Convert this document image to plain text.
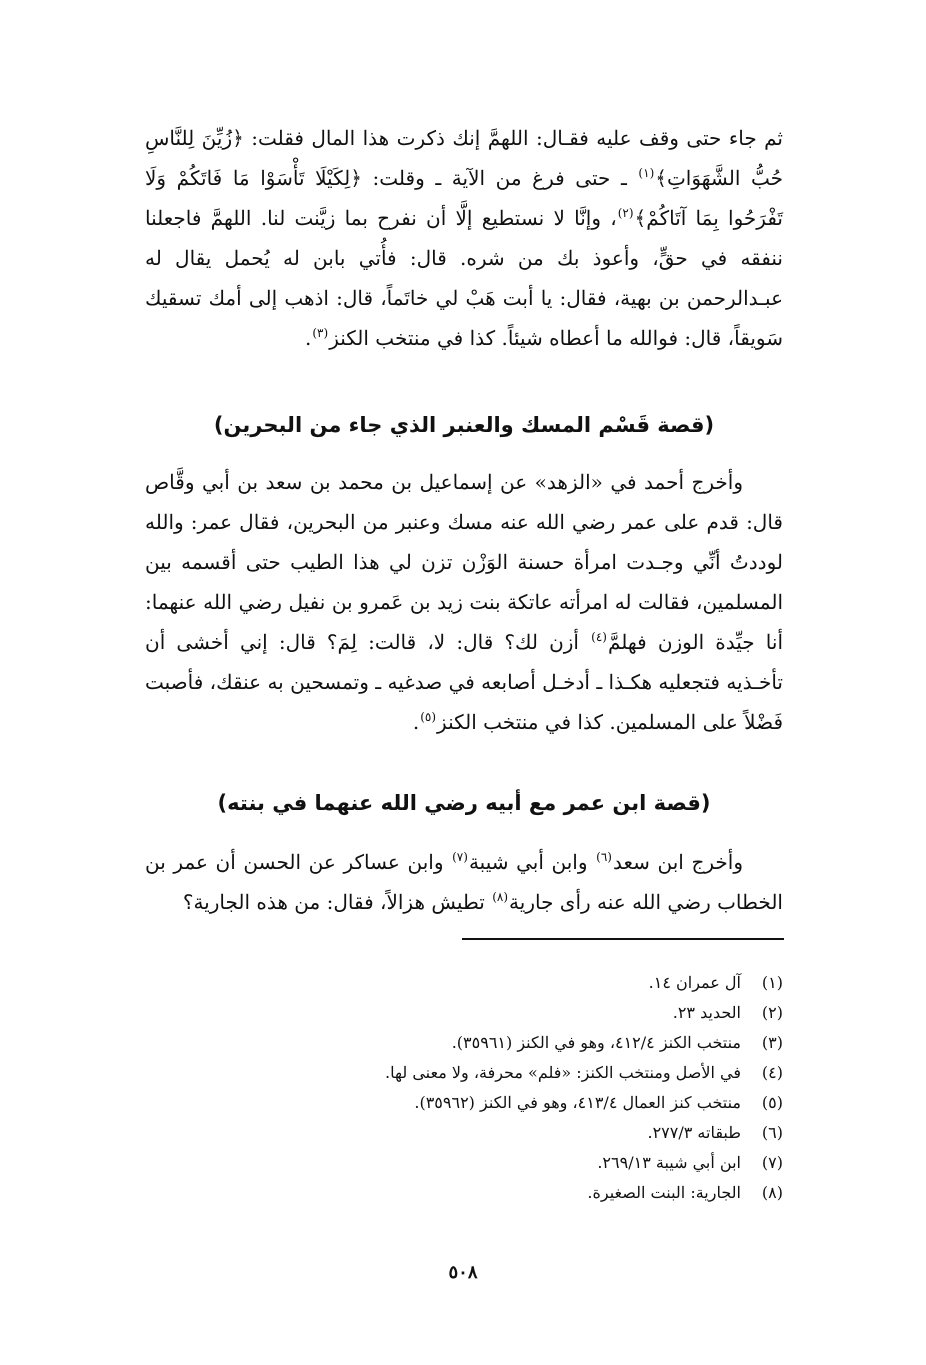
ثم جاء حتى وقف عليه فقـال: اللهمَّ إنك ذكرت هذا المال فقلت: ﴿زُيِّنَ لِلنَّاسِ حُبُّ الشَّهَوَاتِ﴾$^{(١)}$ ـ حتى فرغ من الآية ـ وقلت: ﴿لِكَيْلَا تَأْسَوْا مَا فَاتَكُمْ وَلَا تَفْرَحُوا بِمَا آتَاكُمْ﴾$^{(٢)}$، وإنَّا لا نستطيع إلَّا أن نفرح بما زيَّنت لنا. اللهمَّ فاجعلنا ننفقه في حقٍّ، وأعوذ بك من شره. قال: فأُتي بابن له يُحمل يقال له عبـدالرحمن بن بهية، فقال: يا أبت هَبْ لي خاتَماً، قال: اذهب إلى أمك تسقيك سَويقاً، قال: فوالله ما أعطاه شيئاً. كذا في منتخب الكنز$^{(٣)}$.

(قصة قَسْم المسك والعنبر الذي جاء من البحرين)

وأخرج أحمد في «الزهد» عن إسماعيل بن محمد بن سعد بن أبي وقَّاص قال: قدم على عمر رضي الله عنه مسك وعنبر من البحرين، فقال عمر: والله لوددتُ أنِّي وجـدت امرأة حسنة الوَزْن تزن لي هذا الطيب حتى أقسمه بين المسلمين، فقالت له امرأته عاتكة بنت زيد بن عَمرو بن نفيل رضي الله عنهما: أنا جيِّدة الوزن فهلمَّ$^{(٤)}$ أزن لك؟ قال: لا، قالت: لِمَ؟ قال: إني أخشى أن تأخـذيه فتجعليه هكـذا ـ أدخـل أصابعه في صدغيه ـ وتمسحين به عنقك، فأصبت فَضْلاً على المسلمين. كذا في منتخب الكنز$^{(٥)}$.

(قصة ابن عمر مع أبيه رضي الله عنهما في بنته)

وأخرج ابن سعد$^{(٦)}$ وابن أبي شيبة$^{(٧)}$ وابن عساكر عن الحسن أن عمر بن الخطاب رضي الله عنه رأى جارية$^{(٨)}$ تطيش هزالاً، فقال: من هذه الجارية؟

(١)آل عمران ١٤.
(٢)الحديد ٢٣.
(٣)منتخب الكنز ٤١٢/٤، وهو في الكنز (٣٥٩٦١).
(٤)في الأصل ومنتخب الكنز: «فلم» محرفة، ولا معنى لها.
(٥)منتخب كنز العمال ٤١٣/٤، وهو في الكنز (٣٥٩٦٢).
(٦)طبقاته ٢٧٧/٣.
(٧)ابن أبي شيبة ٢٦٩/١٣.
(٨)الجارية: البنت الصغيرة.
٥٠٨
